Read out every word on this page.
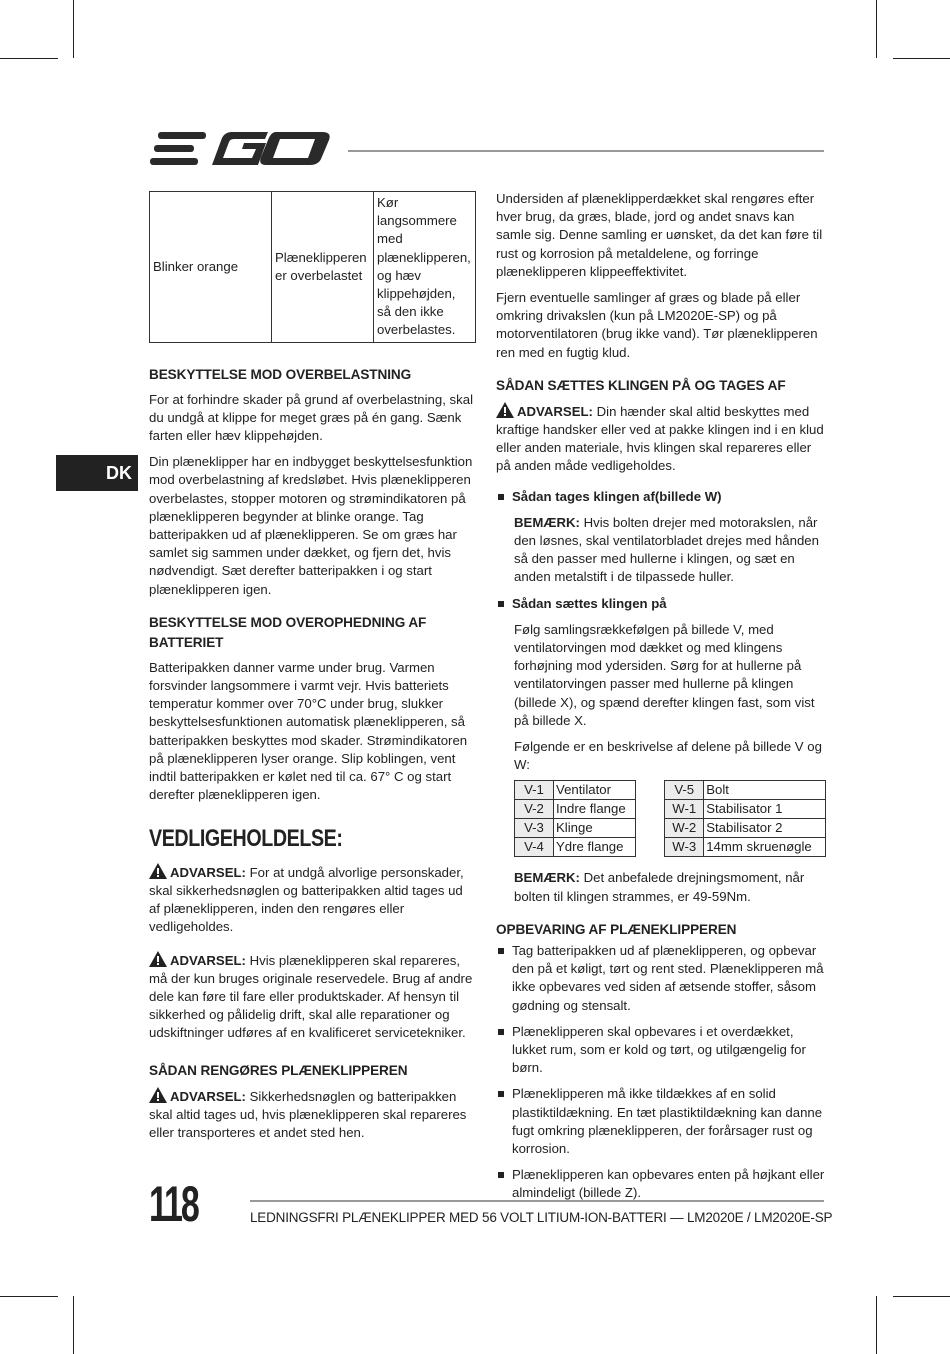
DK
Blinker orange	Plæneklipperen er overbelastet	Kør langsommere med plæneklipperen, og hæv klippehøjden, så den ikke overbelastes.
BESKYTTELSE MOD OVERBELASTNING

For at forhindre skader på grund af overbelastning, skal du undgå at klippe for meget græs på én gang. Sænk farten eller hæv klippehøjden.

Din plæneklipper har en indbygget beskyttelsesfunktion mod overbelastning af kredsløbet. Hvis plæneklipperen overbelastes, stopper motoren og strømindikatoren på plæneklipperen begynder at blinke orange. Tag batteripakken ud af plæneklipperen. Se om græs har samlet sig sammen under dækket, og fjern det, hvis nødvendigt. Sæt derefter batteripakken i og start plæneklipperen igen.

BESKYTTELSE MOD OVEROPHEDNING AF BATTERIET

Batteripakken danner varme under brug. Varmen forsvinder langsommere i varmt vejr. Hvis batteriets temperatur kommer over 70°C under brug, slukker beskyttelsesfunktionen automatisk plæneklipperen, så batteripakken beskyttes mod skader. Strømindikatoren på plæneklipperen lyser orange. Slip koblingen, vent indtil batteripakken er kølet ned til ca. 67° C og start derefter plæneklipperen igen.

VEDLIGEHOLDELSE:

ADVARSEL: For at undgå alvorlige personskader, skal sikkerhedsnøglen og batteripakken altid tages ud af plæneklipperen, inden den rengøres eller vedligeholdes.

ADVARSEL: Hvis plæneklipperen skal repareres, må der kun bruges originale reservedele. Brug af andre dele kan føre til fare eller produktskader. Af hensyn til sikkerhed og pålidelig drift, skal alle reparationer og udskiftninger udføres af en kvalificeret servicetekniker.

SÅDAN RENGØRES PLÆNEKLIPPEREN

ADVARSEL: Sikkerhedsnøglen og batteripakken skal altid tages ud, hvis plæneklipperen skal repareres eller transporteres et andet sted hen.

Undersiden af plæneklipperdækket skal rengøres efter hver brug, da græs, blade, jord og andet snavs kan samle sig. Denne samling er uønsket, da det kan føre til rust og korrosion på metaldelene, og forringe plæneklipperen klippeeffektivitet.

Fjern eventuelle samlinger af græs og blade på eller omkring drivakslen (kun på LM2020E-SP) og på motorventilatoren (brug ikke vand). Tør plæneklipperen ren med en fugtig klud.

SÅDAN SÆTTES KLINGEN PÅ OG TAGES AF

ADVARSEL: Din hænder skal altid beskyttes med kraftige handsker eller ved at pakke klingen ind i en klud eller anden materiale, hvis klingen skal repareres eller på anden måde vedligeholdes.

Sådan tages klingen af(billede W)

BEMÆRK: Hvis bolten drejer med motorakslen, når den løsnes, skal ventilatorbladet drejes med hånden så den passer med hullerne i klingen, og sæt en anden metalstift i de tilpassede huller.

Sådan sættes klingen på

Følg samlingsrækkefølgen på billede V, med ventilatorvingen mod dækket og med klingens forhøjning mod ydersiden. Sørg for at hullerne på ventilatorvingen passer med hullerne på klingen (billede X), og spænd derefter klingen fast, som vist på billede X.

Følgende er en beskrivelse af delene på billede V og W:

V-1	Ventilator		V-5	Bolt
V-2	Indre flange		W-1	Stabilisator 1
V-3	Klinge		W-2	Stabilisator 2
V-4	Ydre flange		W-3	14mm skruenøgle

BEMÆRK: Det anbefalede drejningsmoment, når bolten til klingen strammes, er 49-59Nm.

OPBEVARING AF PLÆNEKLIPPEREN
Tag batteripakken ud af plæneklipperen, og opbevar den på et køligt, tørt og rent sted. Plæneklipperen må ikke opbevares ved siden af ætsende stoffer, såsom gødning og stensalt.
Plæneklipperen skal opbevares i et overdækket, lukket rum, som er kold og tørt, og utilgængelig for børn.
Plæneklipperen må ikke tildækkes af en solid plastiktildækning. En tæt plastiktildækning kan danne fugt omkring plæneklipperen, der forårsager rust og korrosion.
Plæneklipperen kan opbevares enten på højkant eller almindeligt (billede Z).
118	LEDNINGSFRI PLÆNEKLIPPER MED 56 VOLT LITIUM-ION-BATTERI — LM2020E / LM2020E-SP
